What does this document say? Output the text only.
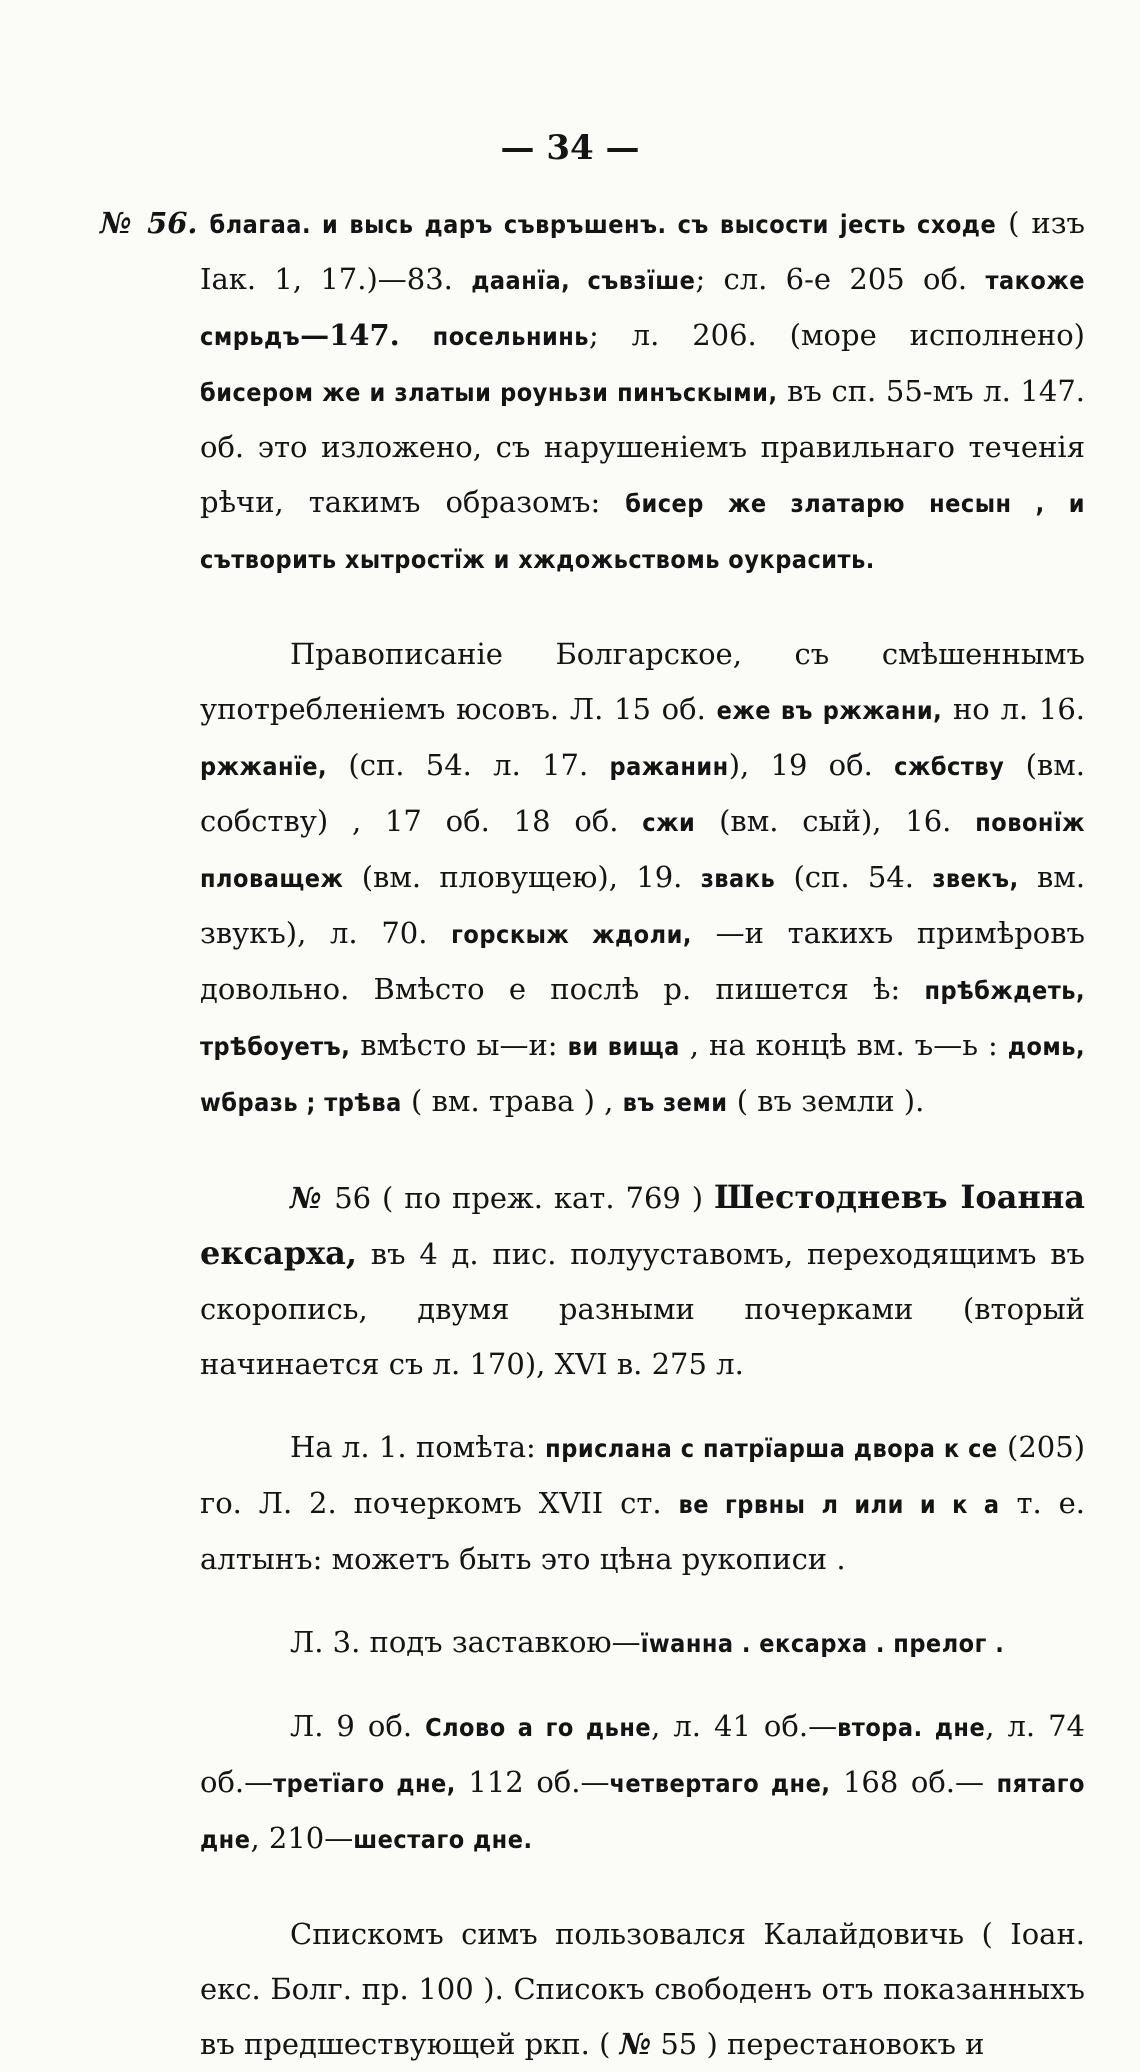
— 34 —

№ 56. благаа. и высь даръ съвръшенъ. съ высости јесть сходе ( изъ Іак. 1, 17.)—83. даанїа, съвзїше; сл. 6-е 205 об. такоже смрьдъ—147. посельнинь; л. 206. (море исполнено) бисером же и златыи роуньзи пинъскыми, въ сп. 55-мъ л. 147. об. это изложено, съ нарушеніемъ правильнаго теченія рѣчи, такимъ образомъ: бисер же златарю несын , и сътворить хытростїж и хждожьствомь оукрасить.

Правописаніе Болгарское, съ смѣшеннымъ употребленіемъ юсовъ. Л. 15 об. еже въ ржжани, но л. 16. ржжанїе, (сп. 54. л. 17. ражанин), 19 об. сжбству (вм. собству) , 17 об. 18 об. сжи (вм. сый), 16. повонїж пловащеж (вм. пловущею), 19. звакь (сп. 54. звекъ, вм. звукъ), л. 70. горскыж ждоли, —и такихъ примѣровъ довольно. Вмѣсто е послѣ р. пишется ѣ: прѣбждеть, трѣбоуетъ, вмѣсто ы—и: ви вища , на концѣ вм. ъ—ь : домь, wбразь ; трѣва ( вм. трава ) , въ земи ( въ земли ).

№ 56 ( по преж. кат. 769 ) Шестодневъ Іоанна ексарха, въ 4 д. пис. полууставомъ, переходящимъ въ скоропись, двумя разными почерками (вторый начинается съ л. 170), XVI в. 275 л.

На л. 1. помѣта: прислана с патрїарша двора к се (205) го. Л. 2. почеркомъ XVII ст. ве грвны л или и к а т. е. алтынъ: можетъ быть это цѣна рукописи .

Л. 3. подъ заставкою—їwанна . ексарха . прелог .

Л. 9 об. Слово а го дьне, л. 41 об.—втора. дне, л. 74 об.—третїаго дне, 112 об.—четвертаго дне, 168 об.— пятаго дне, 210—шестаго дне.

Спискомъ симъ пользовался Калайдовичь ( Іоан. екс. Болг. пр. 100 ). Списокъ свободенъ отъ показанныхъ въ предшествующей ркп. ( № 55 ) перестановокъ и
